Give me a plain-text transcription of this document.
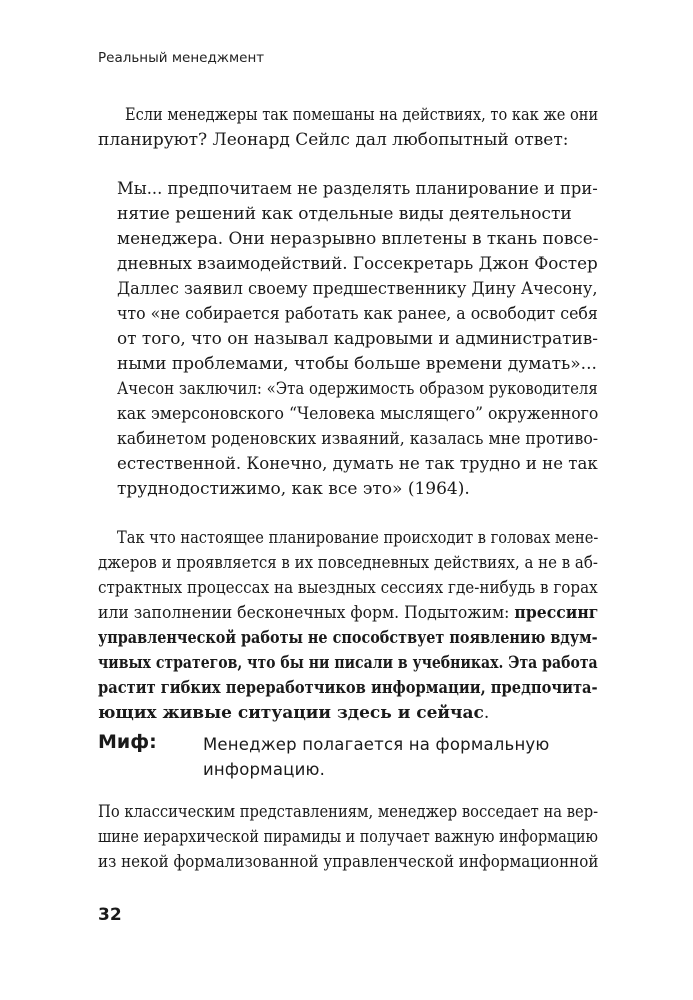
Реальный менеджмент
Если менеджеры так помешаны на действиях, то как же они
планируют? Леонард Сейлс дал любопытный ответ:
Мы... предпочитаем не разделять планирование и при-
нятие решений как отдельные виды деятельности
менеджера. Они неразрывно вплетены в ткань повсе-
дневных взаимодействий. Госсекретарь Джон Фостер
Даллес заявил своему предшественнику Дину Ачесону,
что «не собирается работать как ранее, а освободит себя
от того, что он называл кадровыми и административ-
ными проблемами, чтобы больше времени думать»...
Ачесон заключил: «Эта одержимость образом руководителя
как эмерсоновского “Человека мыслящего” окруженного
кабинетом роденовских изваяний, казалась мне противо-
естественной. Конечно, думать не так трудно и не так
труднодостижимо, как все это» (1964).
Так что настоящее планирование происходит в головах мене-
джеров и проявляется в их повседневных действиях, а не в аб-
страктных процессах на выездных сессиях где-нибудь в горах
или заполнении бесконечных форм. Подытожим: прессинг
управленческой работы не способствует появлению вдум-
чивых стратегов, что бы ни писали в учебниках. Эта работа
растит гибких переработчиков информации, предпочита-
ющих живые ситуации здесь и сейчас.
Миф:	Менеджер полагается на формальную
информацию.
По классическим представлениям, менеджер восседает на вер-
шине иерархической пирамиды и получает важную информацию
из некой формализованной управленческой информационной
32
